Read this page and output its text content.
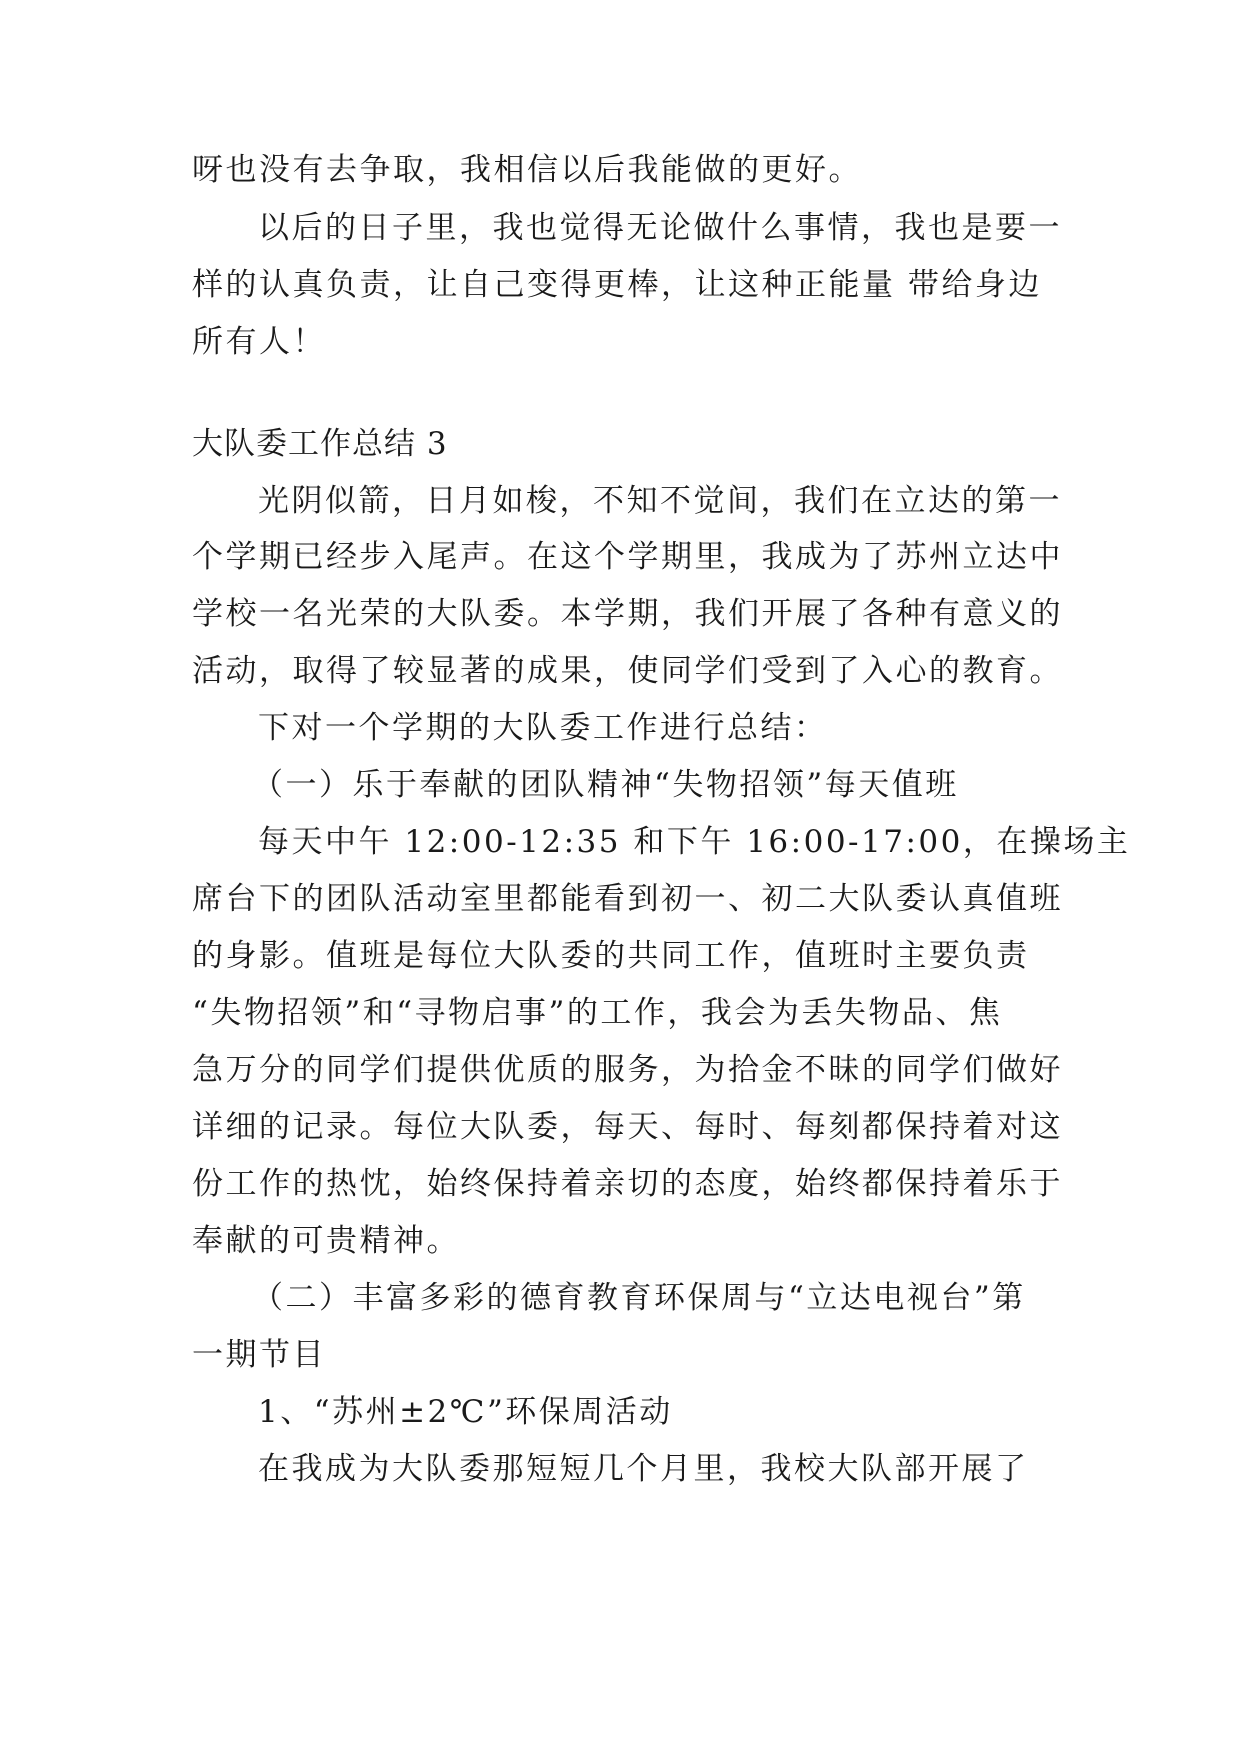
呀也没有去争取，我相信以后我能做的更好。
以后的日子里，我也觉得无论做什么事情，我也是要一
样的认真负责，让自己变得更棒，让这种正能量 带给身边
所有人！
大队委工作总结 3
光阴似箭，日月如梭，不知不觉间，我们在立达的第一
个学期已经步入尾声。在这个学期里，我成为了苏州立达中
学校一名光荣的大队委。本学期，我们开展了各种有意义的
活动，取得了较显著的成果，使同学们受到了入心的教育。
下对一个学期的大队委工作进行总结：
（一）乐于奉献的团队精神“失物招领”每天值班
每天中午 12:00-12:35 和下午 16:00-17:00，在操场主
席台下的团队活动室里都能看到初一、初二大队委认真值班
的身影。值班是每位大队委的共同工作，值班时主要负责
“失物招领”和“寻物启事”的工作，我会为丢失物品、焦
急万分的同学们提供优质的服务，为拾金不昧的同学们做好
详细的记录。每位大队委，每天、每时、每刻都保持着对这
份工作的热忱，始终保持着亲切的态度，始终都保持着乐于
奉献的可贵精神。
（二）丰富多彩的德育教育环保周与“立达电视台”第
一期节目
1、“苏州±2℃”环保周活动
在我成为大队委那短短几个月里，我校大队部开展了
